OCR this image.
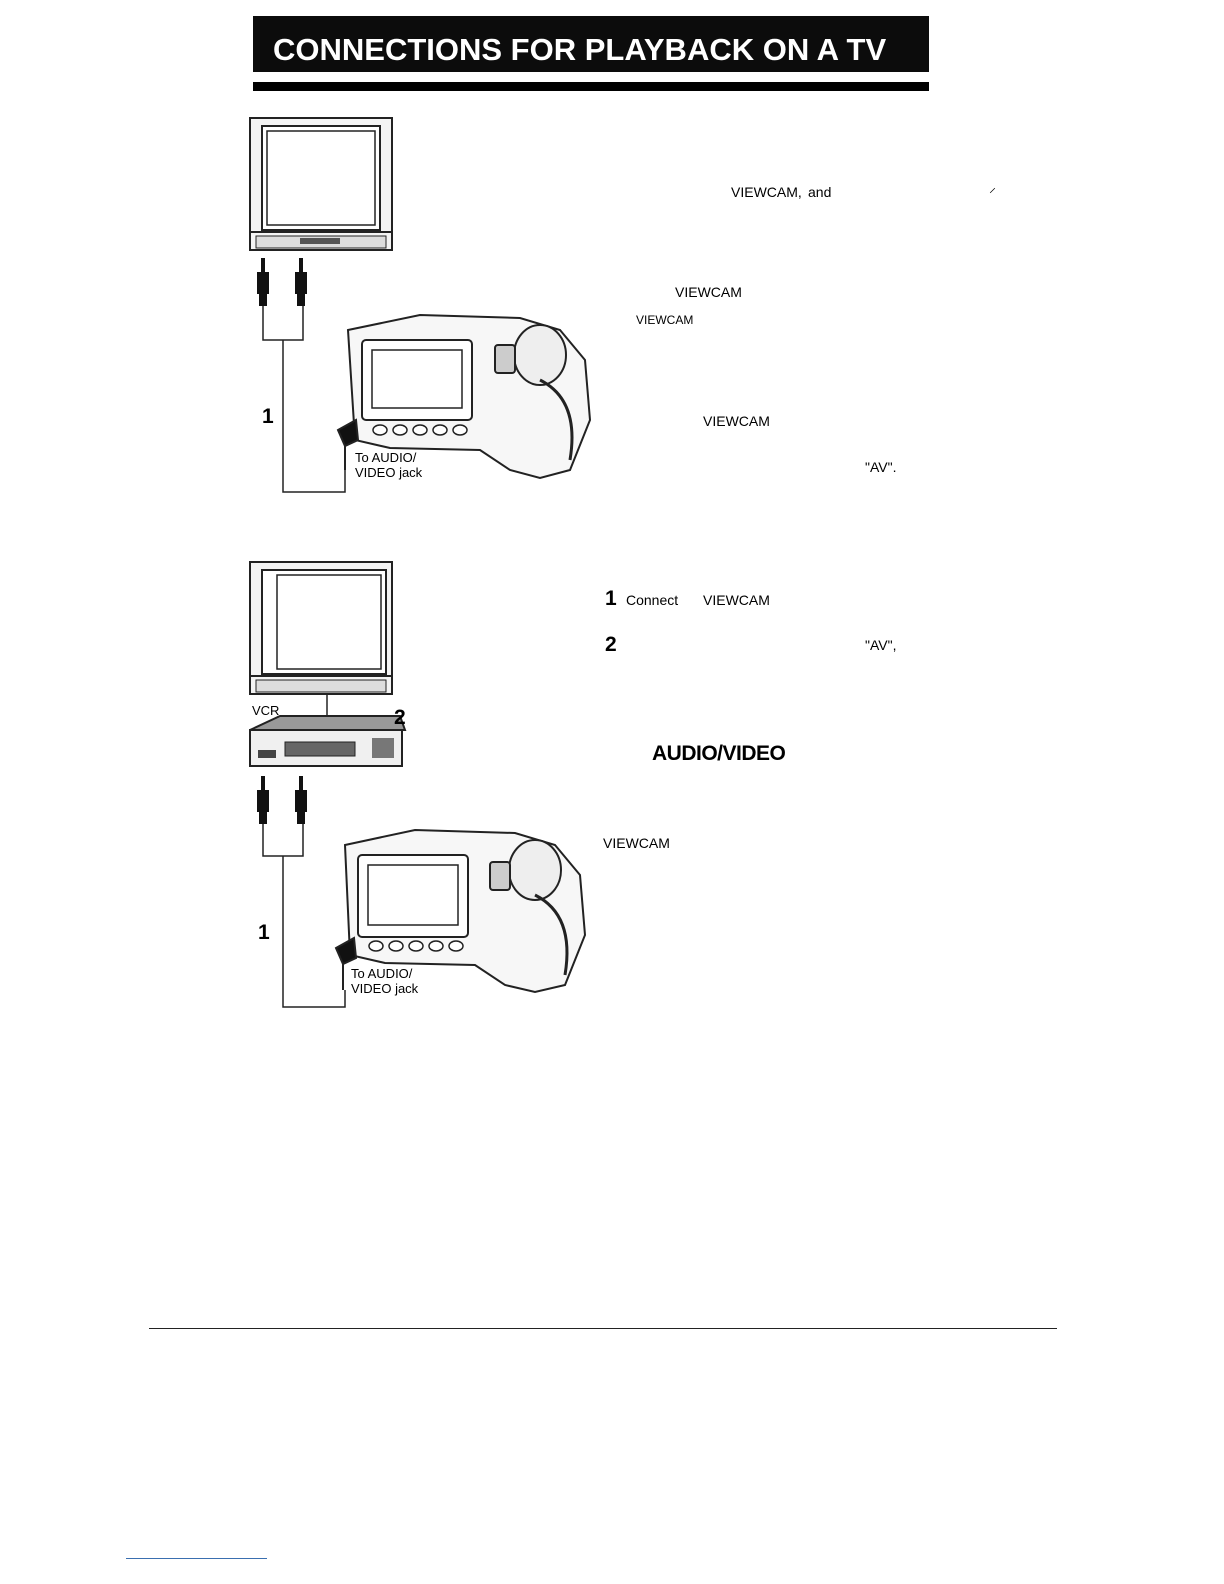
CONNECTIONS FOR PLAYBACK ON A TV
1
To AUDIO/
VIDEO jack
VIEWCAM, and	⸝
VIEWCAM
VIEWCAM
VIEWCAM
"AV".
VCR	2
1
To AUDIO/
VIDEO jack
1 Connect VIEWCAM
2	"AV",
AUDIO/VIDEO
VIEWCAM
